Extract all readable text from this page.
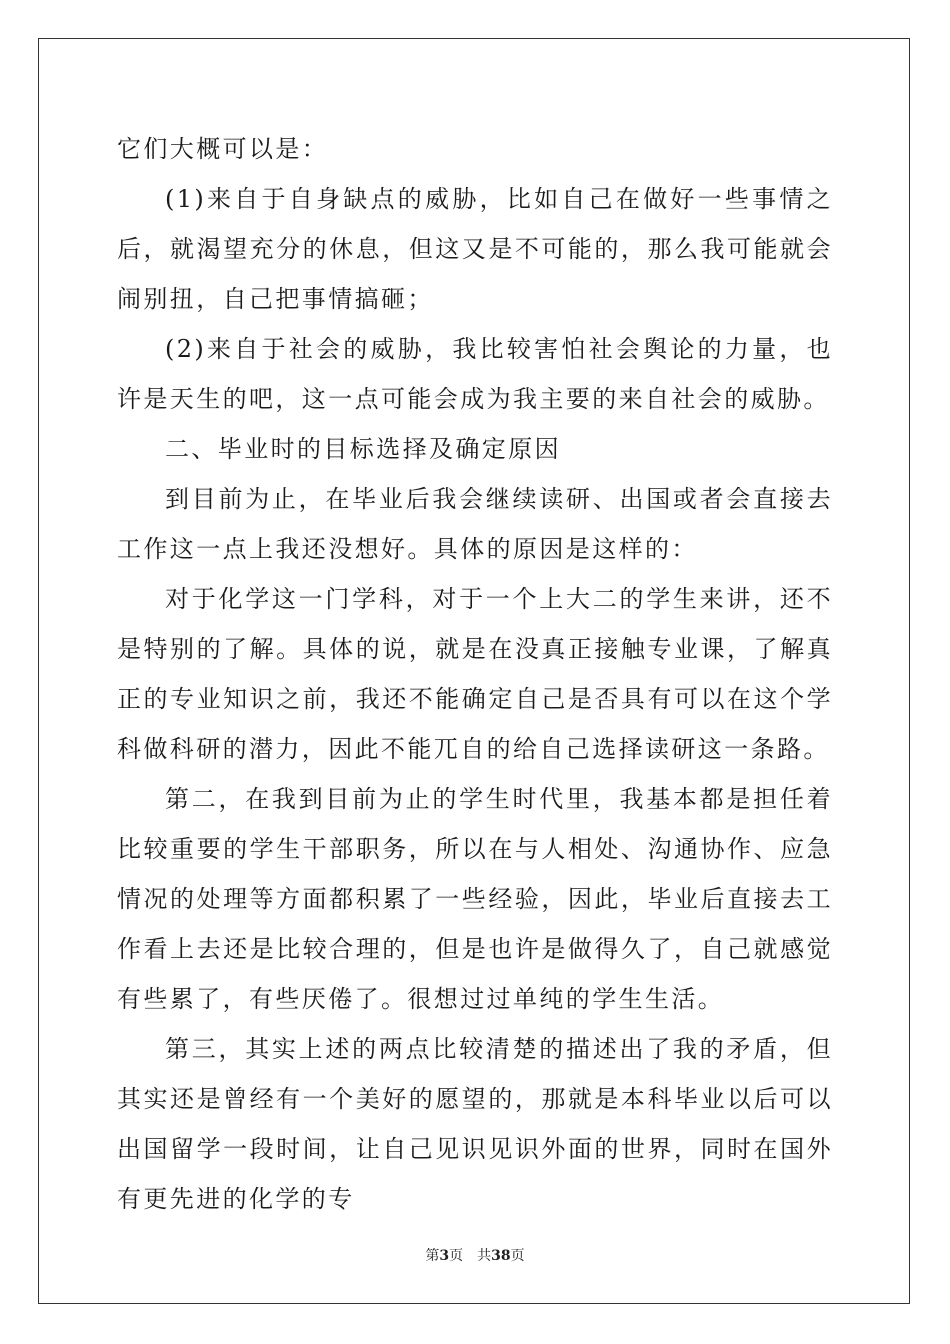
它们大概可以是：

(1)来自于自身缺点的威胁，比如自己在做好一些事情之后，就渴望充分的休息，但这又是不可能的，那么我可能就会闹别扭，自己把事情搞砸；

(2)来自于社会的威胁，我比较害怕社会舆论的力量，也许是天生的吧，这一点可能会成为我主要的来自社会的威胁。

二、毕业时的目标选择及确定原因

到目前为止，在毕业后我会继续读研、出国或者会直接去工作这一点上我还没想好。具体的原因是这样的：

对于化学这一门学科，对于一个上大二的学生来讲，还不是特别的了解。具体的说，就是在没真正接触专业课，了解真正的专业知识之前，我还不能确定自己是否具有可以在这个学科做科研的潜力，因此不能兀自的给自己选择读研这一条路。

第二，在我到目前为止的学生时代里，我基本都是担任着比较重要的学生干部职务，所以在与人相处、沟通协作、应急情况的处理等方面都积累了一些经验，因此，毕业后直接去工作看上去还是比较合理的，但是也许是做得久了，自己就感觉有些累了，有些厌倦了。很想过过单纯的学生生活。

第三，其实上述的两点比较清楚的描述出了我的矛盾，但其实还是曾经有一个美好的愿望的，那就是本科毕业以后可以出国留学一段时间，让自己见识见识外面的世界，同时在国外有更先进的化学的专

第3页 共38页
